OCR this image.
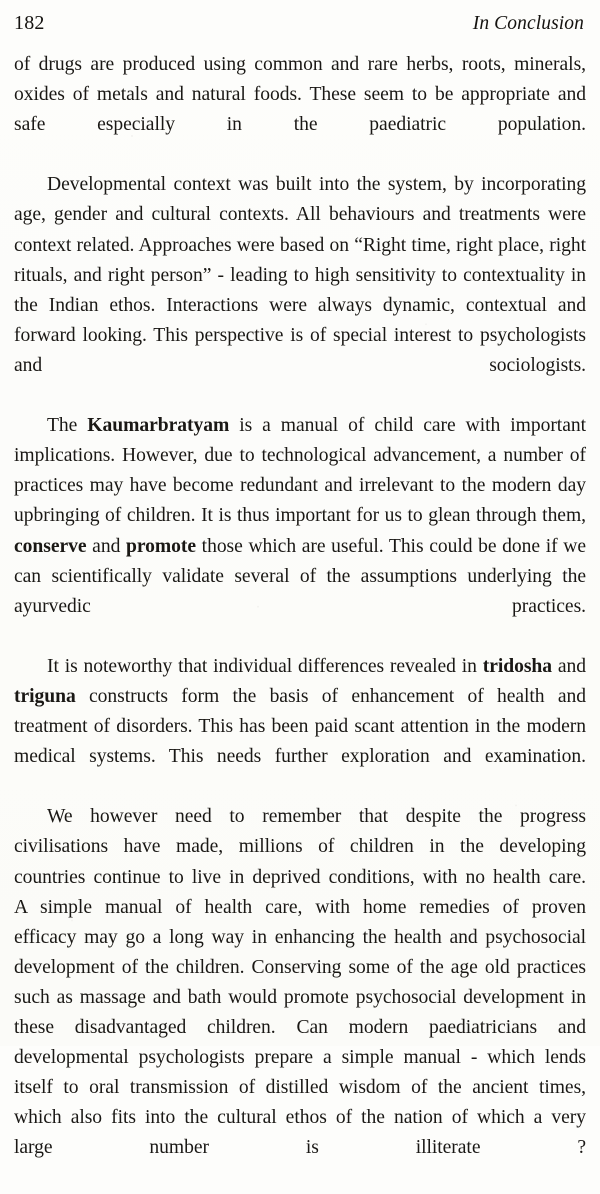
182	In Conclusion

of drugs are produced using common and rare herbs, roots, minerals, oxides of metals and natural foods. These seem to be appropriate and safe especially in the paediatric population.

Developmental context was built into the system, by incorporating age, gender and cultural contexts. All behaviours and treatments were context related. Approaches were based on “Right time, right place, right rituals, and right person” - leading to high sensitivity to contextuality in the Indian ethos. Interactions were always dynamic, contextual and forward looking. This perspective is of special interest to psychologists and sociologists.

The Kaumarbratyam is a manual of child care with important implications. However, due to technological advancement, a number of practices may have become redundant and irrelevant to the modern day upbringing of children. It is thus important for us to glean through them, conserve and promote those which are useful. This could be done if we can scientifically validate several of the assumptions underlying the ayurvedic practices.

It is noteworthy that individual differences revealed in tridosha and triguna constructs form the basis of enhancement of health and treatment of disorders. This has been paid scant attention in the modern medical systems. This needs further exploration and examination.

We however need to remember that despite the progress civilisations have made, millions of children in the developing countries continue to live in deprived conditions, with no health care. A simple manual of health care, with home remedies of proven efficacy may go a long way in enhancing the health and psychosocial development of the children. Conserving some of the age old practices such as massage and bath would promote psychosocial development in these disadvantaged children. Can modern paediatricians and developmental psychologists prepare a simple manual - which lends itself to oral transmission of distilled wisdom of the ancient times, which also fits into the cultural ethos of the nation of which a very large number is illiterate ?
